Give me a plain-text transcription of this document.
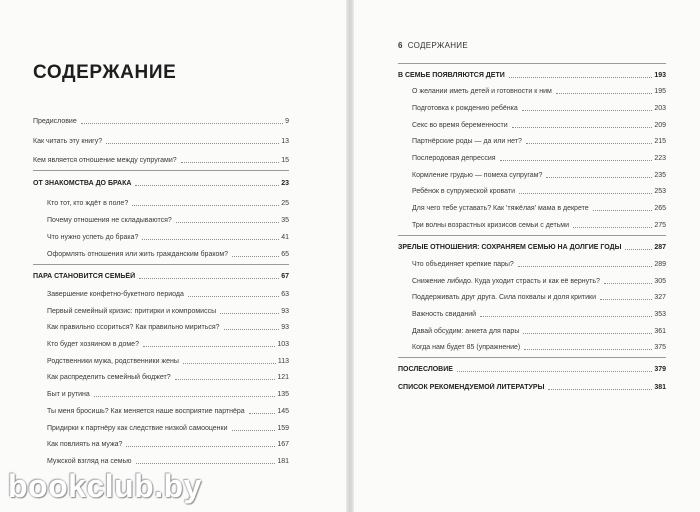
СОДЕРЖАНИЕ
6 СОДЕРЖАНИЕ
Предисловие	9
Как читать эту книгу?	13
Кем является отношение между супругами?	15
ОТ ЗНАКОМСТВА ДО БРАКА	23
Кто тот, кто ждёт в поле?	25
Почему отношения не складываются?	35
Что нужно успеть до брака?	41
Оформлять отношения или жить гражданским браком?	65
ПАРА СТАНОВИТСЯ СЕМЬЁЙ	67
Завершение конфетно-букетного периода	63
Первый семейный кризис: притирки и компромиссы	93
Как правильно ссориться? Как правильно мириться?	93
Кто будет хозяином в доме?	103
Родственники мужа, родственники жены	113
Как распределить семейный бюджет?	121
Быт и рутина	135
Ты меня бросишь? Как меняется наше восприятие партнёра	145
Придирки к партнёру как следствие низкой самооценки	159
Как повлиять на мужа?	167
Мужской взгляд на семью	181
В СЕМЬЕ ПОЯВЛЯЮТСЯ ДЕТИ	193
О желании иметь детей и готовности к ним	195
Подготовка к рождению ребёнка	203
Секс во время беременности	209
Партнёрские роды — да или нет?	215
Послеродовая депрессия	223
Кормление грудью — помеха супругам?	235
Ребёнок в супружеской кровати	253
Для чего тебе уставать? Как 'тяжёлая' мама в декрете	265
Три волны возрастных кризисов семьи с детьми	275
ЗРЕЛЫЕ ОТНОШЕНИЯ: СОХРАНЯЕМ СЕМЬЮ НА ДОЛГИЕ ГОДЫ	287
Что объединяет крепкие пары?	289
Снижение либидо. Куда уходит страсть и как её вернуть?	305
Поддерживать друг друга. Сила похвалы и доля критики	327
Важность свиданий	353
Давай обсудим: анкета для пары	361
Когда нам будет 85 (упражнение)	375
ПОСЛЕСЛОВИЕ	379
СПИСОК РЕКОМЕНДУЕМОЙ ЛИТЕРАТУРЫ	381
bookclub.by
